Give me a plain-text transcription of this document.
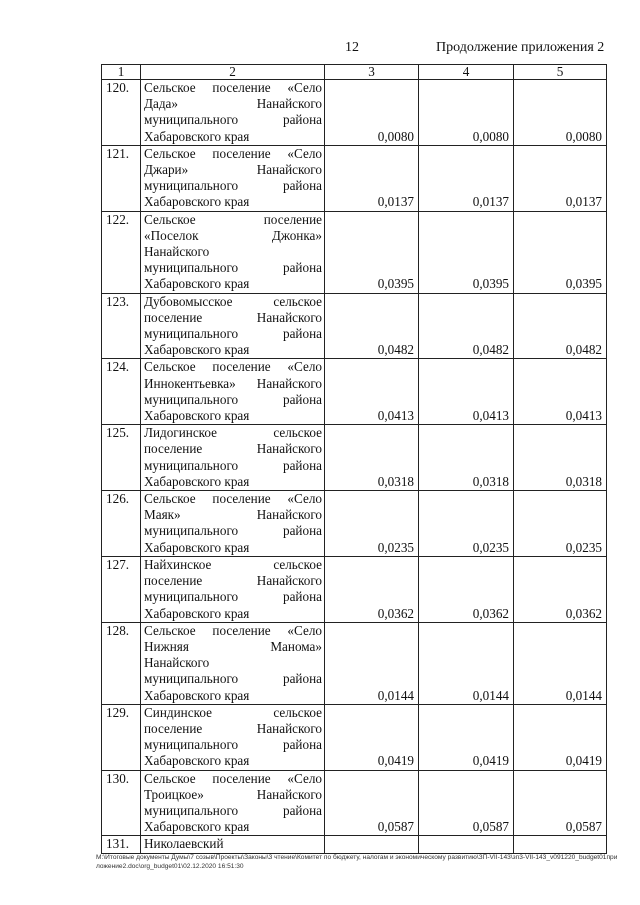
12	Продолжение приложения 2
1	2	3	4	5
120.	Сельское поселение «Село
Дада» Нанайского
муниципального района
Хабаровского края	0,0080	0,0080	0,0080
121.	Сельское поселение «Село
Джари» Нанайского
муниципального района
Хабаровского края	0,0137	0,0137	0,0137
122.	Сельское поселение
«Поселок Джонка»
Нанайского
муниципального района
Хабаровского края	0,0395	0,0395	0,0395
123.	Дубовомысское сельское
поселение Нанайского
муниципального района
Хабаровского края	0,0482	0,0482	0,0482
124.	Сельское поселение «Село
Иннокентьевка» Нанайского
муниципального района
Хабаровского края	0,0413	0,0413	0,0413
125.	Лидогинское сельское
поселение Нанайского
муниципального района
Хабаровского края	0,0318	0,0318	0,0318
126.	Сельское поселение «Село
Маяк» Нанайского
муниципального района
Хабаровского края	0,0235	0,0235	0,0235
127.	Найхинское сельское
поселение Нанайского
муниципального района
Хабаровского края	0,0362	0,0362	0,0362
128.	Сельское поселение «Село
Нижняя Манома»
Нанайского
муниципального района
Хабаровского края	0,0144	0,0144	0,0144
129.	Синдинское сельское
поселение Нанайского
муниципального района
Хабаровского края	0,0419	0,0419	0,0419
130.	Сельское поселение «Село
Троицкое» Нанайского
муниципального района
Хабаровского края	0,0587	0,0587	0,0587
131.	Николаевский			

M:\Итоговые документы Думы\7 созыв\Проекты\Законы\3 чтение\Комитет по бюджету, налогам и экономическому развитию\ЗП-VII-143\зп3-VII-143_v091220_budget01приложение2.doc\org_budget01\02.12.2020 16:51:30
